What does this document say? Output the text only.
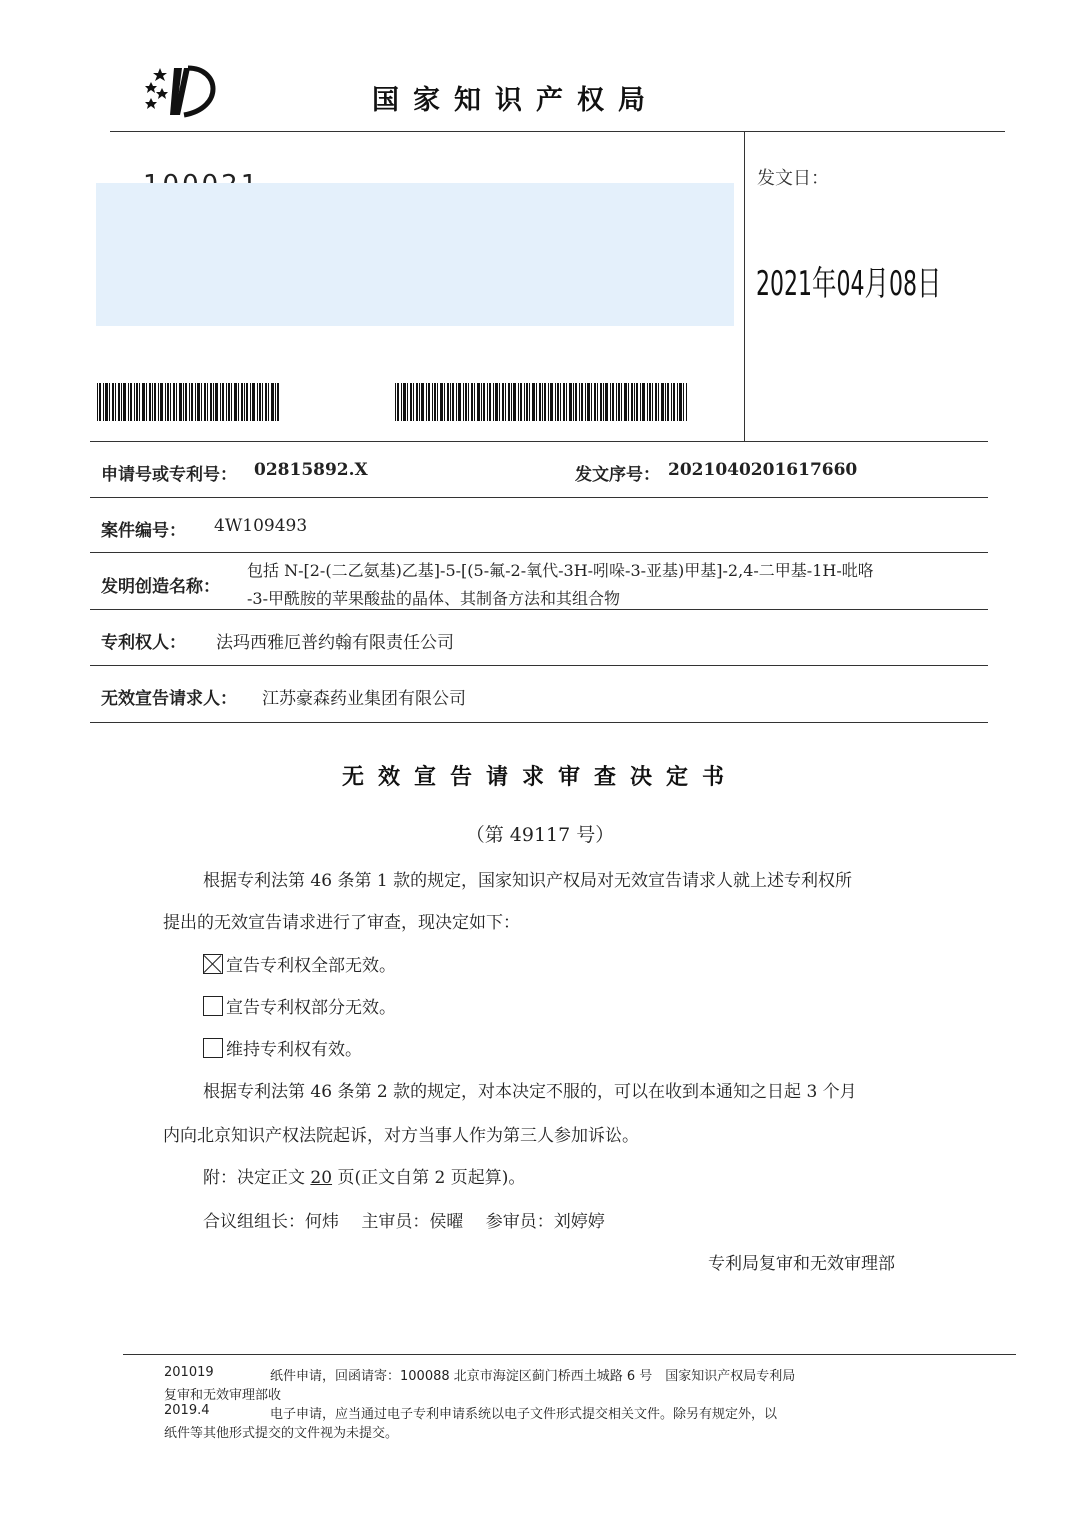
国家知识产权局
发文日：
2021年04月08日
申请号或专利号： 02815892.X	发文序号： 2021040201617660
案件编号： 4W109493
发明创造名称：
包括 N-[2-(二乙氨基)乙基]-5-[(5-氟-2-氧代-3H-吲哚-3-亚基)甲基]-2,4-二甲基-1H-吡咯
-3-甲酰胺的苹果酸盐的晶体、其制备方法和其组合物
专利权人： 法玛西雅厄普约翰有限责任公司
无效宣告请求人： 江苏豪森药业集团有限公司
无效宣告请求审查决定书
（第 49117 号）
根据专利法第 46 条第 1 款的规定，国家知识产权局对无效宣告请求人就上述专利权所
提出的无效宣告请求进行了审查，现决定如下：
宣告专利权全部无效。
宣告专利权部分无效。
维持专利权有效。
根据专利法第 46 条第 2 款的规定，对本决定不服的，可以在收到本通知之日起 3 个月
内向北京知识产权法院起诉，对方当事人作为第三人参加诉讼。
附：决定正文 20 页(正文自第 2 页起算)。
合议组组长：何炜　 主审员：侯曜　 参审员：刘婷婷
专利局复审和无效审理部
201019	纸件申请，回函请寄：100088 北京市海淀区蓟门桥西土城路 6 号　国家知识产权局专利局
复审和无效审理部收
2019.4	电子申请，应当通过电子专利申请系统以电子文件形式提交相关文件。除另有规定外，以
纸件等其他形式提交的文件视为未提交。
